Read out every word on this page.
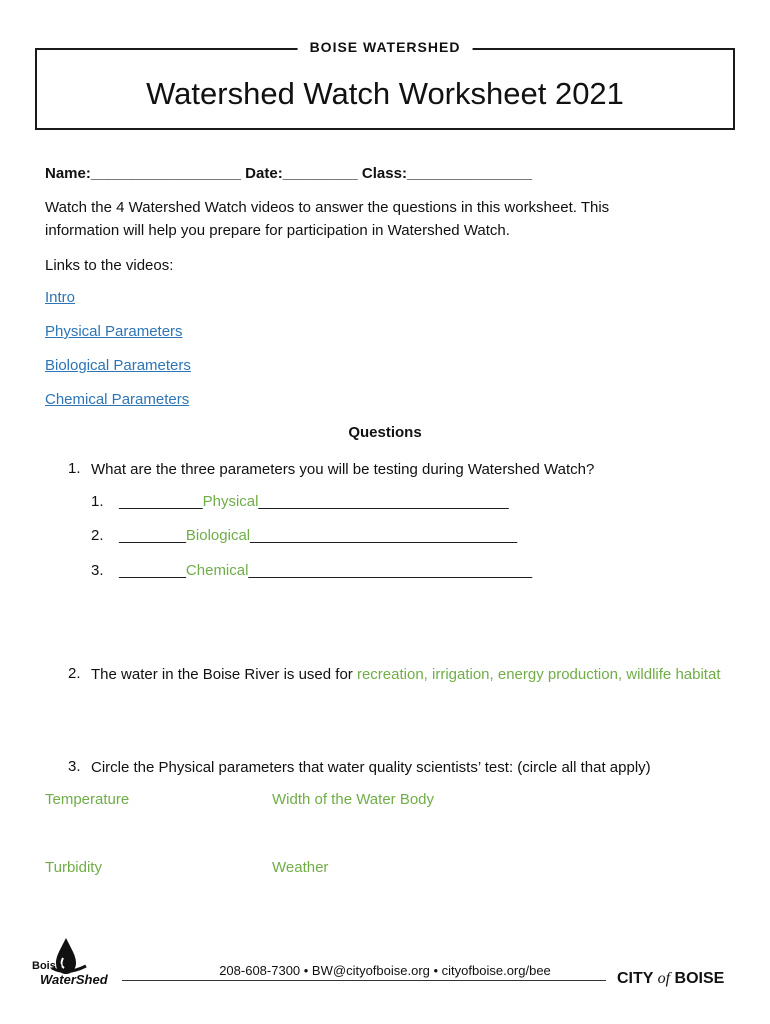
BOISE WATERSHED
Watershed Watch Worksheet 2021
Name:__________________ Date:_________ Class:_______________
Watch the 4 Watershed Watch videos to answer the questions in this worksheet. This information will help you prepare for participation in Watershed Watch.
Links to the videos:
Intro
Physical Parameters
Biological Parameters
Chemical Parameters
Questions
1. What are the three parameters you will be testing during Watershed Watch?
1. __________Physical______________________________
2. ________Biological________________________________
3. ________Chemical__________________________________
2. The water in the Boise River is used for recreation, irrigation, energy production, wildlife habitat
3. Circle the Physical parameters that water quality scientists’ test: (circle all that apply)
Temperature	Width of the Water Body
Turbidity	Weather
Boise
WaterShed
208-608-7300 • BW@cityofboise.org • cityofboise.org/bee	CITY of BOISE
